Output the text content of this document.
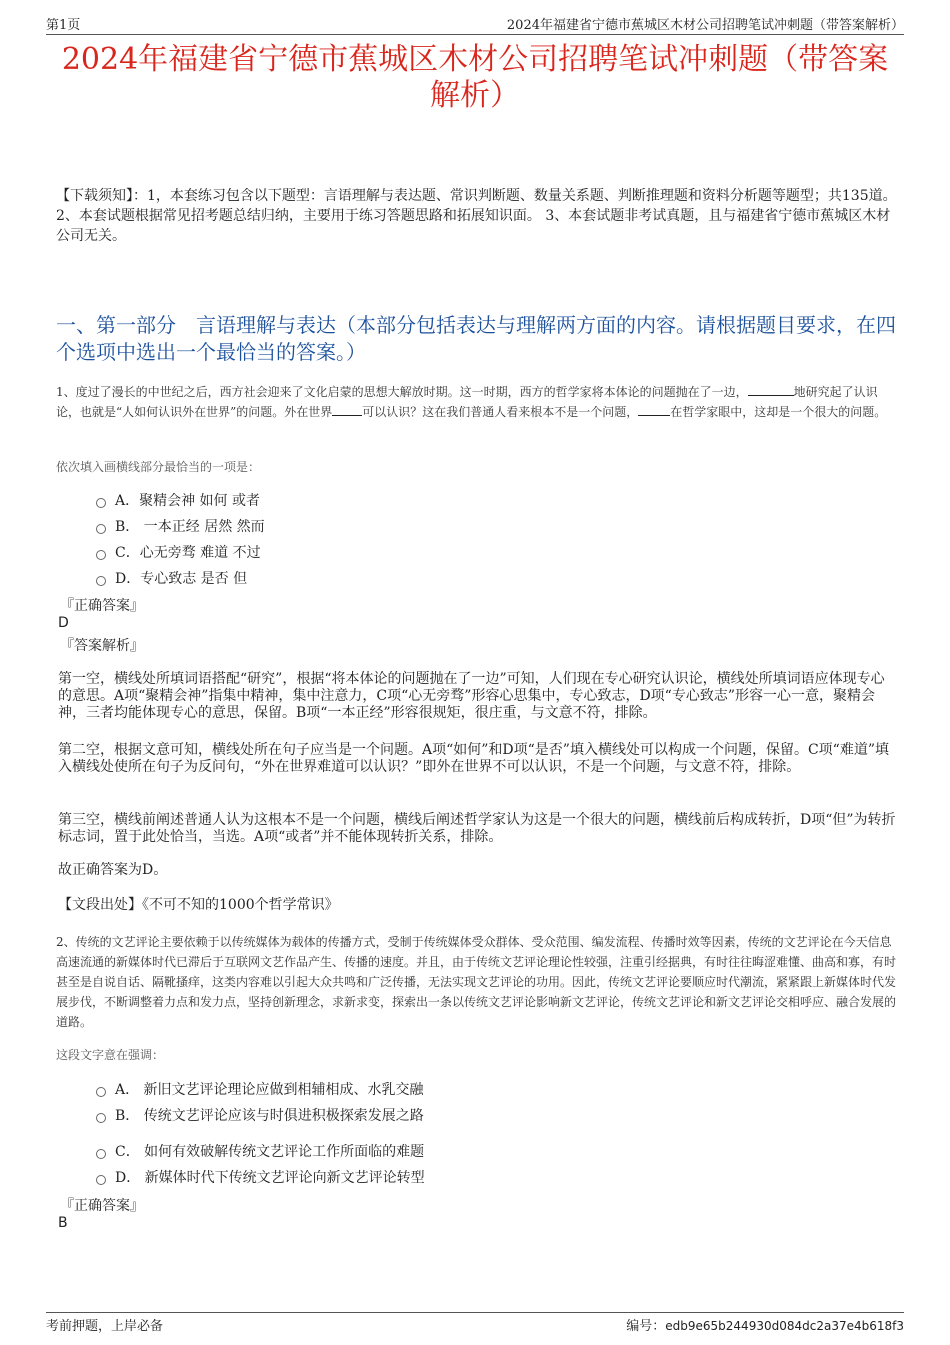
第1页	2024年福建省宁德市蕉城区木材公司招聘笔试冲刺题（带答案解析）
2024年福建省宁德市蕉城区木材公司招聘笔试冲刺题（带答案
解析）
【下载须知】：1，本套练习包含以下题型：言语理解与表达题、常识判断题、数量关系题、判断推理题和资料分析题等题型；共135道。 2、本套试题根据常见招考题总结归纳，主要用于练习答题思路和拓展知识面。 3、本套试题非考试真题，且与福建省宁德市蕉城区木材公司无关。
一、第一部分　言语理解与表达（本部分包括表达与理解两方面的内容。请根据题目要求，在四个选项中选出一个最恰当的答案。）
1、度过了漫长的中世纪之后，西方社会迎来了文化启蒙的思想大解放时期。这一时期，西方的哲学家将本体论的问题抛在了一边，	地研究起了认识论，也就是“人如何认识外在世界”的问题。外在世界	可以认识？这在我们普通人看来根本不是一个问题，	在哲学家眼中，这却是一个很大的问题。
依次填入画横线部分最恰当的一项是：
A．聚精会神 如何 或者
B． 一本正经 居然 然而
C．心无旁骛 难道 不过
D．专心致志 是否 但
『正确答案』
D
『答案解析』
第一空，横线处所填词语搭配“研究”，根据“将本体论的问题抛在了一边”可知，人们现在专心研究认识论，横线处所填词语应体现专心的意思。A项“聚精会神”指集中精神，集中注意力，C项“心无旁骛”形容心思集中，专心致志，D项“专心致志”形容一心一意，聚精会神，三者均能体现专心的意思，保留。B项“一本正经”形容很规矩，很庄重，与文意不符，排除。
第二空，根据文意可知，横线处所在句子应当是一个问题。A项“如何”和D项“是否”填入横线处可以构成一个问题，保留。C项“难道”填入横线处使所在句子为反问句，“外在世界难道可以认识？”即外在世界不可以认识，不是一个问题，与文意不符，排除。
第三空，横线前阐述普通人认为这根本不是一个问题，横线后阐述哲学家认为这是一个很大的问题，横线前后构成转折，D项“但”为转折标志词，置于此处恰当，当选。A项“或者”并不能体现转折关系，排除。
故正确答案为D。
【文段出处】《不可不知的1000个哲学常识》
2、传统的文艺评论主要依赖于以传统媒体为载体的传播方式，受制于传统媒体受众群体、受众范围、编发流程、传播时效等因素，传统的文艺评论在今天信息高速流通的新媒体时代已滞后于互联网文艺作品产生、传播的速度。并且，由于传统文艺评论理论性较强，注重引经据典，有时往往晦涩难懂、曲高和寡，有时甚至是自说自话、隔靴搔痒，这类内容难以引起大众共鸣和广泛传播，无法实现文艺评论的功用。因此，传统文艺评论要顺应时代潮流，紧紧跟上新媒体时代发展步伐，不断调整着力点和发力点，坚持创新理念，求新求变，探索出一条以传统文艺评论影响新文艺评论，传统文艺评论和新文艺评论交相呼应、融合发展的道路。
这段文字意在强调：
A． 新旧文艺评论理论应做到相辅相成、水乳交融
B． 传统文艺评论应该与时俱进积极探索发展之路
C． 如何有效破解传统文艺评论工作所面临的难题
D． 新媒体时代下传统文艺评论向新文艺评论转型
『正确答案』
B
考前押题，上岸必备	编号：edb9e65b244930d084dc2a37e4b618f3
